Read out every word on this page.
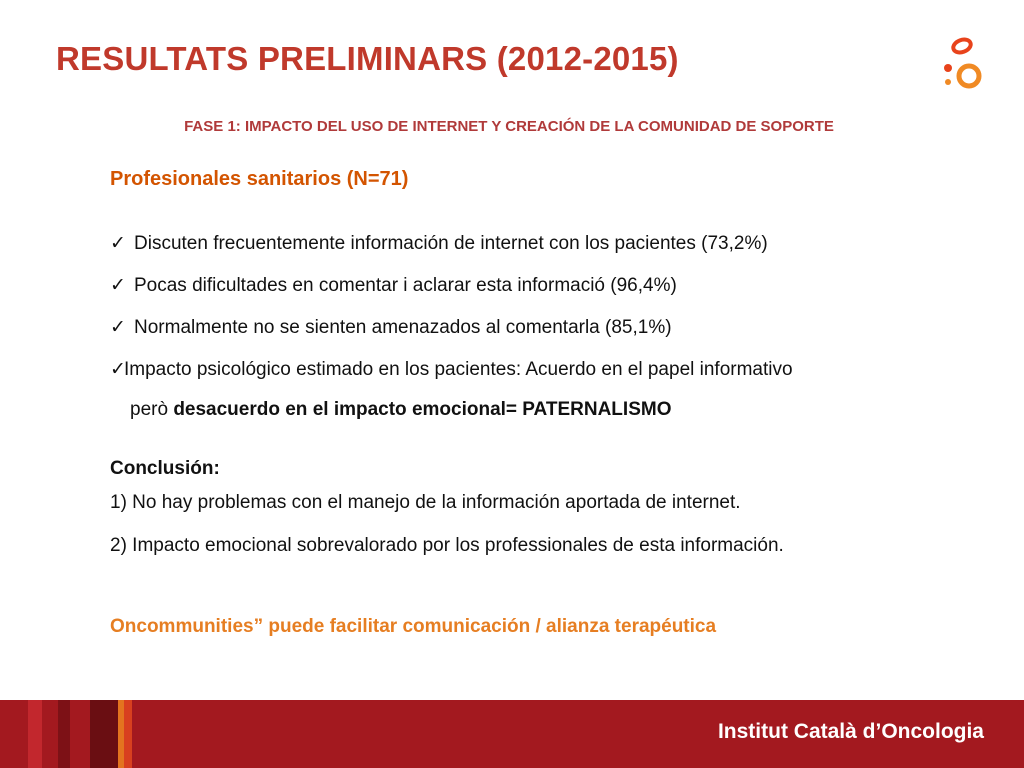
RESULTATS PRELIMINARS (2012-2015)
FASE 1: IMPACTO DEL USO DE INTERNET Y CREACIÓN DE LA COMUNIDAD DE SOPORTE
Profesionales sanitarios (N=71)
✓ Discuten frecuentemente información de internet con los pacientes (73,2%)
✓ Pocas dificultades en comentar i aclarar esta informació (96,4%)
✓ Normalmente no se sienten amenazados al comentarla (85,1%)
✓Impacto psicológico estimado en los pacientes: Acuerdo en el papel informativo
però desacuerdo en el impacto emocional= PATERNALISMO
Conclusión:
1) No hay problemas con el manejo de la información aportada de internet.
2) Impacto emocional sobrevalorado por los professionales de esta información.
Oncommunities” puede facilitar comunicación / alianza terapéutica
Institut Català d’Oncologia
